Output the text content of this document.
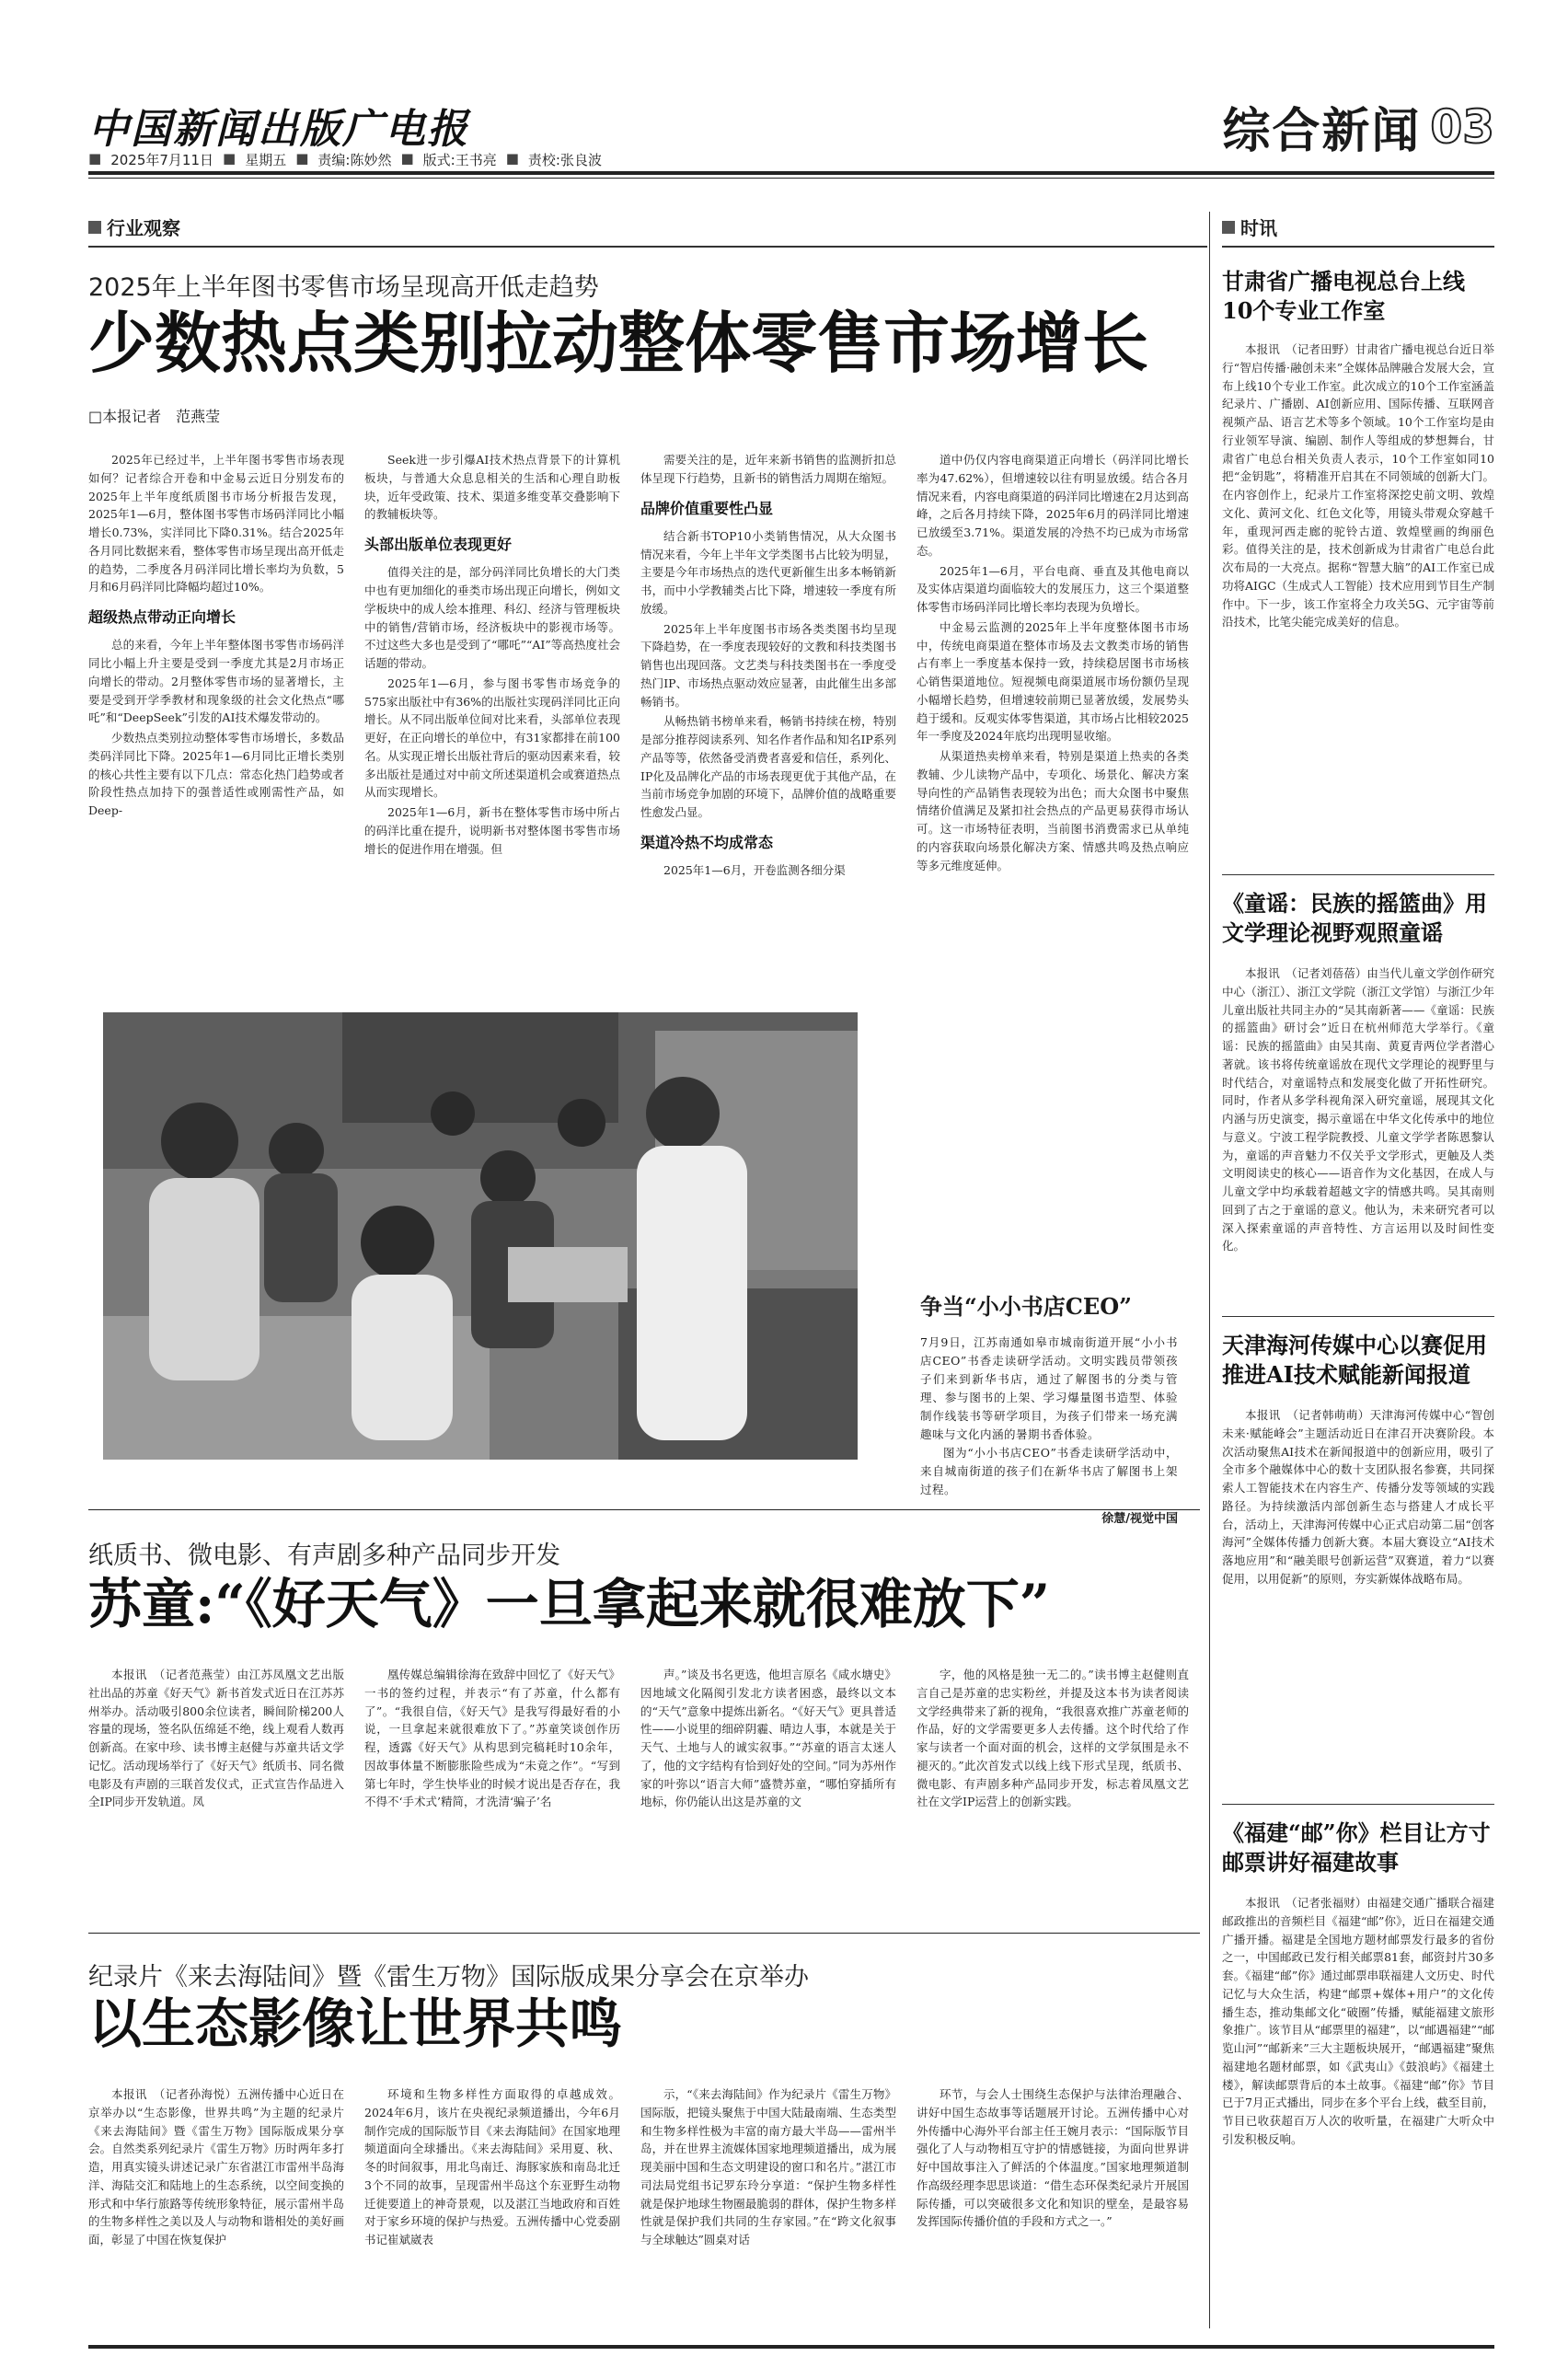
中国新闻出版广电报
■ 2025年7月11日 ■ 星期五 ■ 责编:陈妙然 ■ 版式:王书亮 ■ 责校:张良波
综合新闻 03
行业观察
2025年上半年图书零售市场呈现高开低走趋势
少数热点类别拉动整体零售市场增长
□本报记者　范燕莹

2025年已经过半，上半年图书零售市场表现如何？记者综合开卷和中金易云近日分别发布的2025年上半年度纸质图书市场分析报告发现，2025年1—6月，整体图书零售市场码洋同比小幅增长0.73%，实洋同比下降0.31%。结合2025年各月同比数据来看，整体零售市场呈现出高开低走的趋势，二季度各月码洋同比增长率均为负数，5月和6月码洋同比降幅均超过10%。

超级热点带动正向增长

总的来看，今年上半年整体图书零售市场码洋同比小幅上升主要是受到一季度尤其是2月市场正向增长的带动。2月整体零售市场的显著增长，主要是受到开学季教材和现象级的社会文化热点“哪吒”和“DeepSeek”引发的AI技术爆发带动的。

少数热点类别拉动整体零售市场增长，多数品类码洋同比下降。2025年1—6月同比正增长类别的核心共性主要有以下几点：常态化热门趋势或者阶段性热点加持下的强普适性或刚需性产品，如Deep-

Seek进一步引爆AI技术热点背景下的计算机板块，与普通大众息息相关的生活和心理自助板块，近年受政策、技术、渠道多维变革交叠影响下的教辅板块等。

头部出版单位表现更好

值得关注的是，部分码洋同比负增长的大门类中也有更加细化的垂类市场出现正向增长，例如文学板块中的成人绘本推理、科幻、经济与管理板块中的销售/营销市场，经济板块中的影视市场等。不过这些大多也是受到了“哪吒”“AI”等高热度社会话题的带动。

2025年1—6月，参与图书零售市场竞争的575家出版社中有36%的出版社实现码洋同比正向增长。从不同出版单位间对比来看，头部单位表现更好，在正向增长的单位中，有31家都排在前100名。从实现正增长出版社背后的驱动因素来看，较多出版社是通过对中前文所述渠道机会或赛道热点从而实现增长。

2025年1—6月，新书在整体零售市场中所占的码洋比重在提升，说明新书对整体图书零售市场增长的促进作用在增强。但

需要关注的是，近年来新书销售的监测折扣总体呈现下行趋势，且新书的销售活力周期在缩短。

品牌价值重要性凸显

结合新书TOP10小类销售情况，从大众图书情况来看，今年上半年文学类图书占比较为明显，主要是今年市场热点的迭代更新催生出多本畅销新书，而中小学教辅类占比下降，增速较一季度有所放缓。

2025年上半年度图书市场各类类图书均呈现下降趋势，在一季度表现较好的文教和科技类图书销售也出现回落。文艺类与科技类图书在一季度受热门IP、市场热点驱动效应显著，由此催生出多部畅销书。

从畅热销书榜单来看，畅销书持续在榜，特别是部分推荐阅读系列、知名作者作品和知名IP系列产品等等，依然备受消费者喜爱和信任，系列化、IP化及品牌化产品的市场表现更优于其他产品，在当前市场竞争加剧的环境下，品牌价值的战略重要性愈发凸显。

渠道冷热不均成常态

2025年1—6月，开卷监测各细分渠

道中仍仅内容电商渠道正向增长（码洋同比增长率为47.62%），但增速较以往有明显放缓。结合各月情况来看，内容电商渠道的码洋同比增速在2月达到高峰，之后各月持续下降，2025年6月的码洋同比增速已放缓至3.71%。渠道发展的冷热不均已成为市场常态。

2025年1—6月，平台电商、垂直及其他电商以及实体店渠道均面临较大的发展压力，这三个渠道整体零售市场码洋同比增长率均表现为负增长。

中金易云监测的2025年上半年度整体图书市场中，传统电商渠道在整体市场及去文教类市场的销售占有率上一季度基本保持一致，持续稳居图书市场核心销售渠道地位。短视频电商渠道展市场份额仍呈现小幅增长趋势，但增速较前期已显著放缓，发展势头趋于缓和。反观实体零售渠道，其市场占比相较2025年一季度及2024年底均出现明显收缩。

从渠道热卖榜单来看，特别是渠道上热卖的各类教辅、少儿读物产品中，专项化、场景化、解决方案导向性的产品销售表现较为出色；而大众图书中聚焦情绪价值满足及紧扣社会热点的产品更易获得市场认可。这一市场特征表明，当前图书消费需求已从单纯的内容获取向场景化解决方案、情感共鸣及热点响应等多元维度延伸。

争当“小小书店CEO”
7月9日，江苏南通如皋市城南街道开展“小小书店CEO”书香走读研学活动。文明实践员带领孩子们来到新华书店，通过了解图书的分类与管理、参与图书的上架、学习爆量图书造型、体验制作线装书等研学项目，为孩子们带来一场充满趣味与文化内涵的暑期书香体验。
图为“小小书店CEO”书香走读研学活动中，来自城南街道的孩子们在新华书店了解图书上架过程。
徐慧/视觉中国
纸质书、微电影、有声剧多种产品同步开发
苏童:“《好天气》一旦拿起来就很难放下”

本报讯　（记者范燕莹）由江苏凤凰文艺出版社出品的苏童《好天气》新书首发式近日在江苏苏州举办。活动吸引800余位读者，瞬间阶梯200人容量的现场，签名队伍绵延不绝，线上观看人数再创新高。在家中珍、读书博主赵健与苏童共话文学记忆。活动现场举行了《好天气》纸质书、同名微电影及有声剧的三联首发仪式，正式宣告作品进入全IP同步开发轨道。凤

凰传媒总编辑徐海在致辞中回忆了《好天气》一书的签约过程，并表示“有了苏童，什么都有了”。“我很自信，《好天气》是我写得最好看的小说，一旦拿起来就很难放下了。”苏童笑谈创作历程，透露《好天气》从构思到完稿耗时10余年，因故事体量不断膨胀险些成为“未竟之作”。“写到第七年时，学生快毕业的时候才说出是否存在，我不得不‘手术式’精简，才洗清‘骗子’名

声。”谈及书名更选，他坦言原名《咸水塘史》因地域文化隔阂引发北方读者困惑，最终以文本的“天气”意象中提炼出新名。“《好天气》更具普适性——小说里的细碎阴霾、晴边人事，本就是关于天气、土地与人的诚实叙事。”“苏童的语言太迷人了，他的文字结构有恰到好处的空间。”同为苏州作家的叶弥以“语言大师”盛赞苏童，“哪怕穿插所有地标，你仍能认出这是苏童的文

字，他的风格是独一无二的。”读书博主赵健则直言自己是苏童的忠实粉丝，并提及这本书为读者阅读文学经典带来了新的视角，“我很喜欢推广苏童老师的作品，好的文学需要更多人去传播。这个时代给了作家与读者一个面对面的机会，这样的文学氛围是永不褪灭的。”此次首发式以线上线下形式呈现，纸质书、微电影、有声剧多种产品同步开发，标志着凤凰文艺社在文学IP运营上的创新实践。

纪录片《来去海陆间》暨《雷生万物》国际版成果分享会在京举办
以生态影像让世界共鸣

本报讯　（记者孙海悦）五洲传播中心近日在京举办以“生态影像，世界共鸣”为主题的纪录片《来去海陆间》暨《雷生万物》国际版成果分享会。自然类系列纪录片《雷生万物》历时两年多打造，用真实镜头讲述记录广东省湛江市雷州半岛海洋、海陆交汇和陆地上的生态系统，以空间变换的形式和中华行旅路等传统形象特征，展示雷州半岛的生物多样性之美以及人与动物和谐相处的美好画面，彰显了中国在恢复保护

环境和生物多样性方面取得的卓越成效。2024年6月，该片在央视纪录频道播出，今年6月制作完成的国际版节目《来去海陆间》在国家地理频道面向全球播出。《来去海陆间》采用夏、秋、冬的时间叙事，用北鸟南迁、海豚家族和南岛北迁3个不同的故事，呈现雷州半岛这个东亚野生动物迁徙要道上的神奇景观，以及湛江当地政府和百姓对于家乡环境的保护与热爱。五洲传播中心党委副书记崔斌崴表

示，“《来去海陆间》作为纪录片《雷生万物》国际版，把镜头聚焦于中国大陆最南端、生态类型和生物多样性极为丰富的南方最大半岛——雷州半岛，并在世界主流媒体国家地理频道播出，成为展现美丽中国和生态文明建设的窗口和名片。”湛江市司法局党组书记罗东玲分享道：“保护生物多样性就是保护地球生物圈最脆弱的群体，保护生物多样性就是保护我们共同的生存家园。”在“跨文化叙事与全球触达”圆桌对话

环节，与会人士围绕生态保护与法律治理融合、讲好中国生态故事等话题展开讨论。五洲传播中心对外传播中心海外平台部主任王婉月表示：“国际版节目强化了人与动物相互守护的情感链接，为面向世界讲好中国故事注入了鲜活的个体温度。”国家地理频道制作高级经理李思思谈道：“借生态环保类纪录片开展国际传播，可以突破很多文化和知识的壁垒，是最容易发挥国际传播价值的手段和方式之一。”

时讯
甘肃省广播电视总台上线10个专业工作室

本报讯　（记者田野）甘肃省广播电视总台近日举行“智启传播·融创未来”全媒体品牌融合发展大会，宣布上线10个专业工作室。此次成立的10个工作室涵盖纪录片、广播剧、AI创新应用、国际传播、互联网音视频产品、语言艺术等多个领域。10个工作室均是由行业领军导演、编剧、制作人等组成的梦想舞台，甘肃省广电总台相关负责人表示，10个工作室如同10把“金钥匙”，将精准开启其在不同领域的创新大门。在内容创作上，纪录片工作室将深挖史前文明、敦煌文化、黄河文化、红色文化等，用镜头带观众穿越千年，重现河西走廊的驼铃古道、敦煌壁画的绚丽色彩。值得关注的是，技术创新成为甘肃省广电总台此次布局的一大亮点。据称“智慧大脑”的AI工作室已成功将AIGC（生成式人工智能）技术应用到节目生产制作中。下一步，该工作室将全力攻关5G、元宇宙等前沿技术，比笔尖能完成美好的信息。

《童谣：民族的摇篮曲》用文学理论视野观照童谣

本报讯　（记者刘蓓蓓）由当代儿童文学创作研究中心（浙江）、浙江文学院（浙江文学馆）与浙江少年儿童出版社共同主办的“吴其南新著——《童谣：民族的摇篮曲》研讨会”近日在杭州师范大学举行。《童谣：民族的摇篮曲》由吴其南、黄夏青两位学者潜心著就。该书将传统童谣放在现代文学理论的视野里与时代结合，对童谣特点和发展变化做了开拓性研究。同时，作者从多学科视角深入研究童谣，展现其文化内涵与历史演变，揭示童谣在中华文化传承中的地位与意义。宁波工程学院教授、儿童文学学者陈恩黎认为，童谣的声音魅力不仅关乎文学形式，更触及人类文明阅读史的核心——语音作为文化基因，在成人与儿童文学中均承载着超越文字的情感共鸣。吴其南则回到了古之于童谣的意义。他认为，未来研究者可以深入探索童谣的声音特性、方言运用以及时间性变化。

天津海河传媒中心以赛促用推进AI技术赋能新闻报道

本报讯　（记者韩萌萌）天津海河传媒中心“智创未来·赋能峰会”主题活动近日在津召开决赛阶段。本次活动聚焦AI技术在新闻报道中的创新应用，吸引了全市多个融媒体中心的数十支团队报名参赛，共同探索人工智能技术在内容生产、传播分发等领域的实践路径。为持续激活内部创新生态与搭建人才成长平台，活动上，天津海河传媒中心正式启动第二届“创客海河”全媒体传播力创新大赛。本届大赛设立“AI技术落地应用”和“融美眼号创新运营”双赛道，着力“以赛促用，以用促新”的原则，夯实新媒体战略布局。

《福建“邮”你》栏目让方寸邮票讲好福建故事

本报讯　（记者张福财）由福建交通广播联合福建邮政推出的音频栏目《福建“邮”你》，近日在福建交通广播开播。福建是全国地方题材邮票发行最多的省份之一，中国邮政已发行相关邮票81套，邮资封片30多套。《福建“邮”你》通过邮票串联福建人文历史、时代记忆与大众生活，构建“邮票+媒体+用户”的文化传播生态，推动集邮文化“破圈”传播，赋能福建文旅形象推广。该节目从“邮票里的福建”，以“邮遇福建”“邮览山河”“邮新来”三大主题板块展开，“邮遇福建”聚焦福建地名题材邮票，如《武夷山》《鼓浪屿》《福建土楼》，解读邮票背后的本土故事。《福建“邮”你》节目已于7月正式播出，同步在多个平台上线，截至目前，节目已收获超百万人次的收听量，在福建广大听众中引发积极反响。
